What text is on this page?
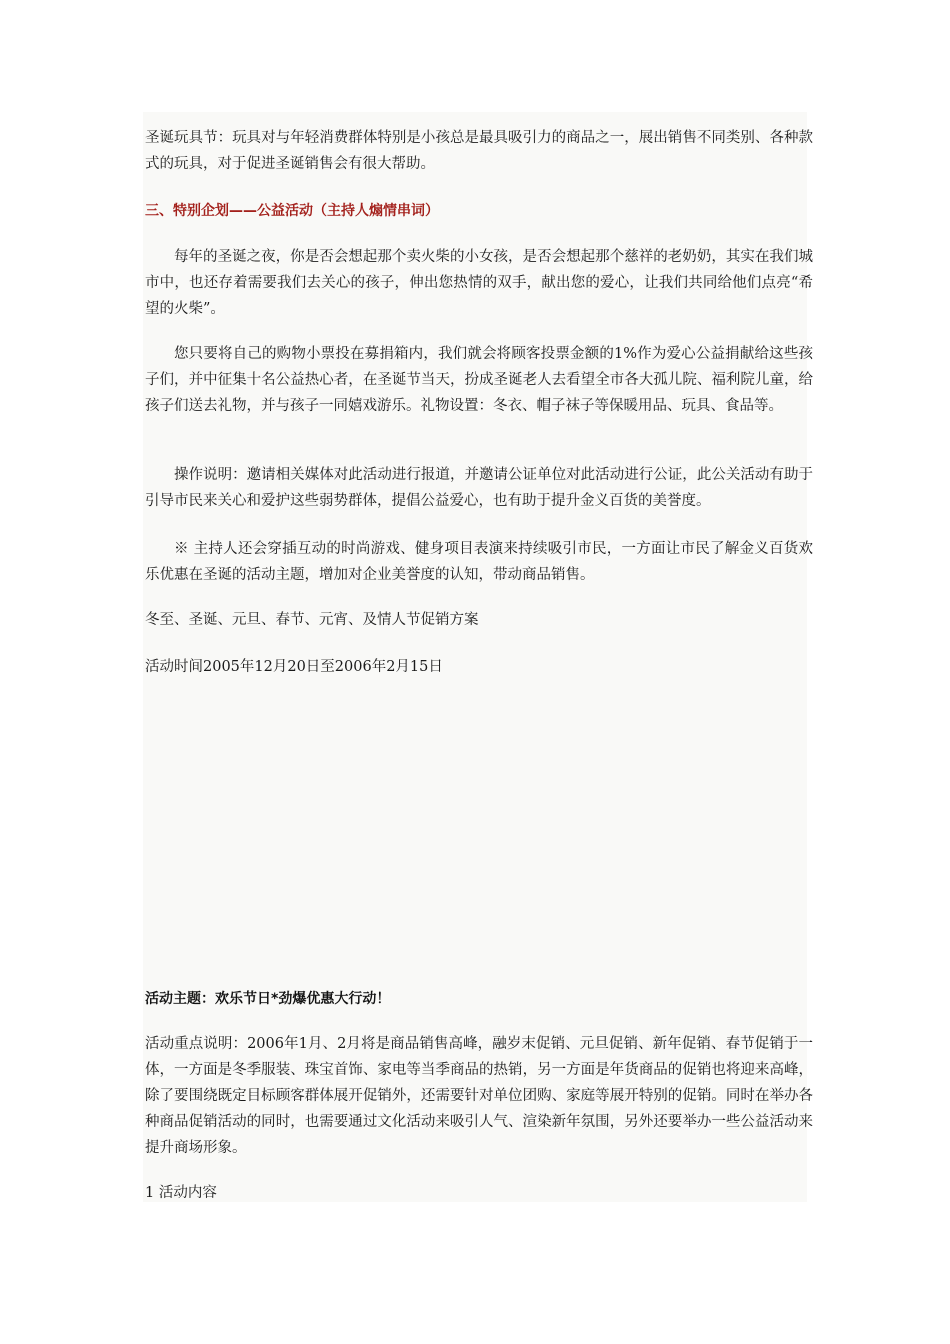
圣诞玩具节：玩具对与年轻消费群体特别是小孩总是最具吸引力的商品之一，展出销售不同类别、各种款式的玩具，对于促进圣诞销售会有很大帮助。

三、特别企划——公益活动（主持人煽情串词）

每年的圣诞之夜，你是否会想起那个卖火柴的小女孩，是否会想起那个慈祥的老奶奶，其实在我们城市中，也还存着需要我们去关心的孩子，伸出您热情的双手，献出您的爱心，让我们共同给他们点亮“希望的火柴”。

您只要将自己的购物小票投在募捐箱内，我们就会将顾客投票金额的1%作为爱心公益捐献给这些孩子们，并中征集十名公益热心者，在圣诞节当天，扮成圣诞老人去看望全市各大孤儿院、福利院儿童，给孩子们送去礼物，并与孩子一同嬉戏游乐。礼物设置：冬衣、帽子袜子等保暖用品、玩具、食品等。

操作说明：邀请相关媒体对此活动进行报道，并邀请公证单位对此活动进行公证，此公关活动有助于引导市民来关心和爱护这些弱势群体，提倡公益爱心，也有助于提升金义百货的美誉度。

※ 主持人还会穿插互动的时尚游戏、健身项目表演来持续吸引市民，一方面让市民了解金义百货欢乐优惠在圣诞的活动主题，增加对企业美誉度的认知，带动商品销售。

冬至、圣诞、元旦、春节、元宵、及情人节促销方案

活动时间2005年12月20日至2006年2月15日

活动主题：欢乐节日*劲爆优惠大行动！

活动重点说明：2006年1月、2月将是商品销售高峰，融岁末促销、元旦促销、新年促销、春节促销于一体，一方面是冬季服装、珠宝首饰、家电等当季商品的热销，另一方面是年货商品的促销也将迎来高峰，除了要围绕既定目标顾客群体展开促销外，还需要针对单位团购、家庭等展开特别的促销。同时在举办各种商品促销活动的同时，也需要通过文化活动来吸引人气、渲染新年氛围，另外还要举办一些公益活动来提升商场形象。

1 活动内容
